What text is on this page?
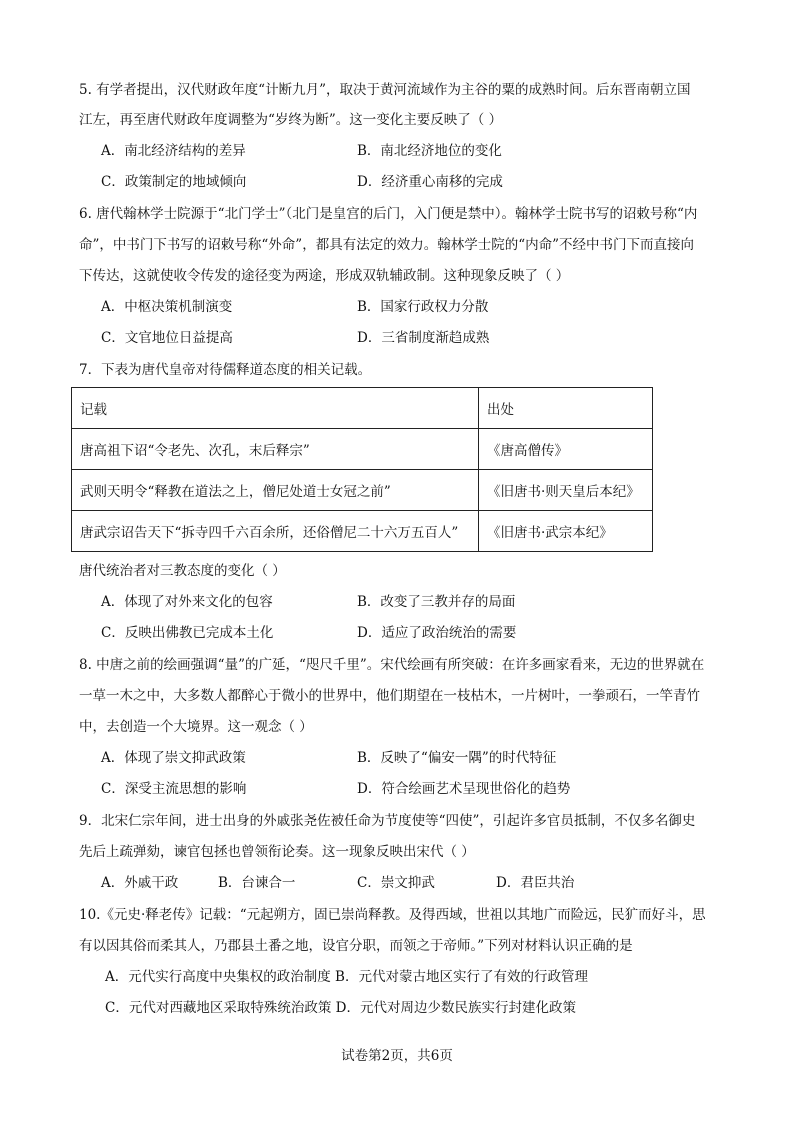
5. 有学者提出，汉代财政年度“计断九月”，取决于黄河流域作为主谷的粟的成熟时间。后东晋南朝立国
江左，再至唐代财政年度调整为“岁终为断”。这一变化主要反映了（ ）
A．南北经济结构的差异	B．南北经济地位的变化
C．政策制定的地域倾向	D．经济重心南移的完成
6. 唐代翰林学士院源于“北门学士”（北门是皇宫的后门，入门便是禁中）。翰林学士院书写的诏敕号称“内
命”，中书门下书写的诏敕号称“外命”，都具有法定的效力。翰林学士院的“内命”不经中书门下而直接向
下传达，这就使收令传发的途径变为两途，形成双轨辅政制。这种现象反映了（ ）
A．中枢决策机制演变	B．国家行政权力分散
C．文官地位日益提高	D．三省制度渐趋成熟
7．下表为唐代皇帝对待儒释道态度的相关记载。
记载	出处
唐高祖下诏“令老先、次孔，末后释宗”	《唐高僧传》
武则天明令“释教在道法之上，僧尼处道士女冠之前”	《旧唐书·则天皇后本纪》
唐武宗诏告天下“拆寺四千六百余所，还俗僧尼二十六万五百人”	《旧唐书·武宗本纪》
唐代统治者对三教态度的变化（ ）
A．体现了对外来文化的包容	B．改变了三教并存的局面
C．反映出佛教已完成本土化	D．适应了政治统治的需要
8. 中唐之前的绘画强调“量”的广延，“咫尺千里”。宋代绘画有所突破：在许多画家看来，无边的世界就在
一草一木之中，大多数人都醉心于微小的世界中，他们期望在一枝枯木，一片树叶，一拳顽石，一竿青竹
中，去创造一个大境界。这一观念（ ）
A．体现了崇文抑武政策	B．反映了“偏安一隅”的时代特征
C．深受主流思想的影响	D．符合绘画艺术呈现世俗化的趋势
9．北宋仁宗年间，进士出身的外戚张尧佐被任命为节度使等“四使”，引起许多官员抵制，不仅多名御史
先后上疏弹劾，谏官包拯也曾领衔论奏。这一现象反映出宋代（ ）
A．外戚干政	B．台谏合一	C．崇文抑武	D．君臣共治
10.《元史·释老传》记载：“元起朔方，固已崇尚释教。及得西域，世祖以其地广而险远，民犷而好斗，思
有以因其俗而柔其人，乃郡县土番之地，设官分职，而领之于帝师。”下列对材料认识正确的是
A．元代实行高度中央集权的政治制度 B．元代对蒙古地区实行了有效的行政管理
C．元代对西藏地区采取特殊统治政策 D．元代对周边少数民族实行封建化政策
试卷第2页，共6页
